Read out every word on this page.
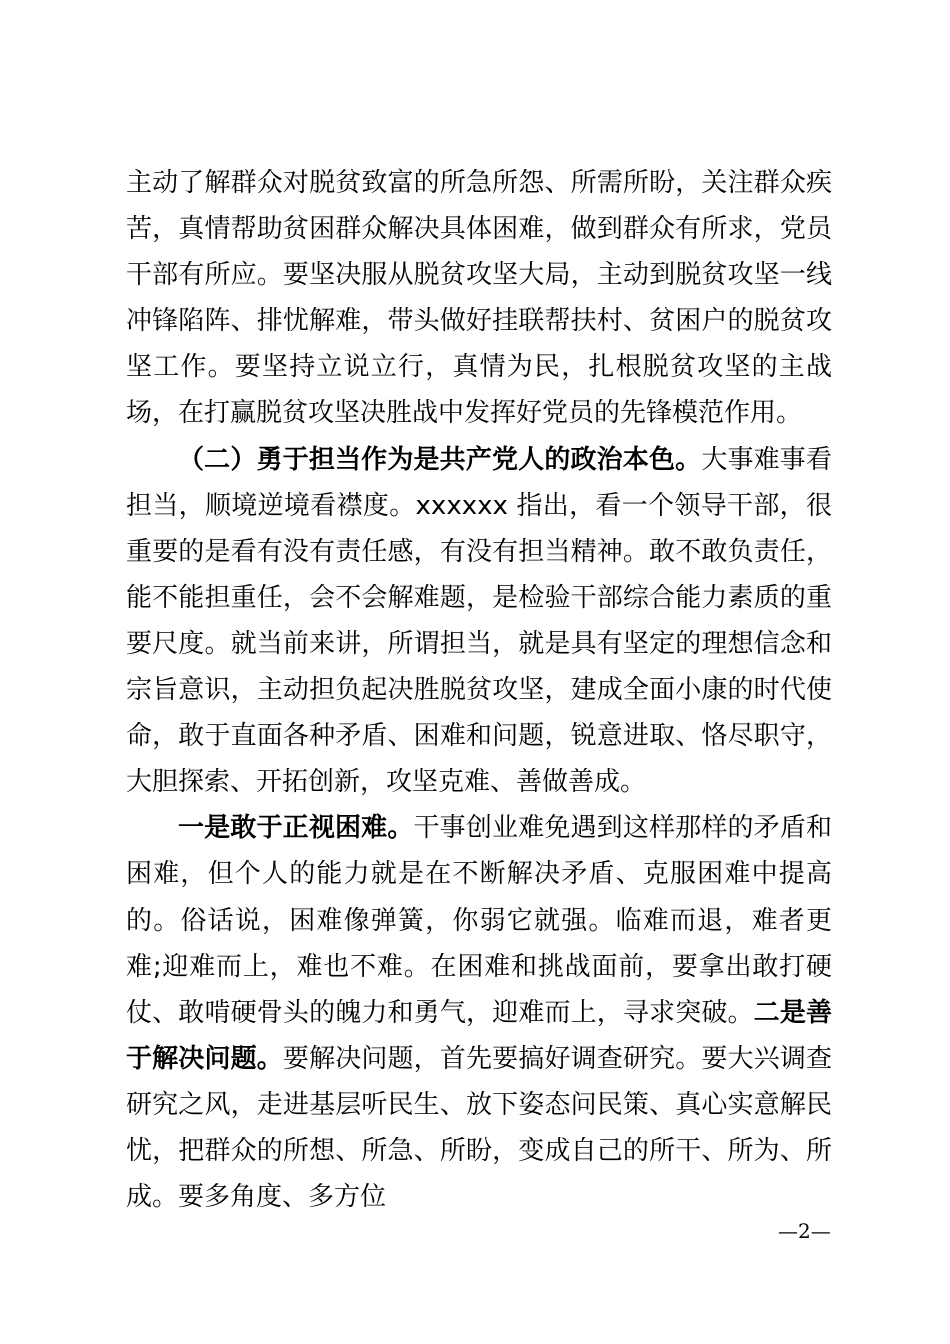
主动了解群众对脱贫致富的所急所怨、所需所盼，关注群众疾苦，真情帮助贫困群众解决具体困难，做到群众有所求，党员干部有所应。要坚决服从脱贫攻坚大局，主动到脱贫攻坚一线冲锋陷阵、排忧解难，带头做好挂联帮扶村、贫困户的脱贫攻坚工作。要坚持立说立行，真情为民，扎根脱贫攻坚的主战场，在打赢脱贫攻坚决胜战中发挥好党员的先锋模范作用。

（二）勇于担当作为是共产党人的政治本色。大事难事看担当，顺境逆境看襟度。xxxxxx 指出，看一个领导干部，很重要的是看有没有责任感，有没有担当精神。敢不敢负责任，能不能担重任，会不会解难题，是检验干部综合能力素质的重要尺度。就当前来讲，所谓担当，就是具有坚定的理想信念和宗旨意识，主动担负起决胜脱贫攻坚，建成全面小康的时代使命，敢于直面各种矛盾、困难和问题，锐意进取、恪尽职守，大胆探索、开拓创新，攻坚克难、善做善成。

一是敢于正视困难。干事创业难免遇到这样那样的矛盾和困难，但个人的能力就是在不断解决矛盾、克服困难中提高的。俗话说，困难像弹簧，你弱它就强。临难而退，难者更难;迎难而上，难也不难。在困难和挑战面前，要拿出敢打硬仗、敢啃硬骨头的魄力和勇气，迎难而上，寻求突破。二是善于解决问题。要解决问题，首先要搞好调查研究。要大兴调查研究之风，走进基层听民生、放下姿态问民策、真心实意解民忧，把群众的所想、所急、所盼，变成自己的所干、所为、所成。要多角度、多方位

—2—
